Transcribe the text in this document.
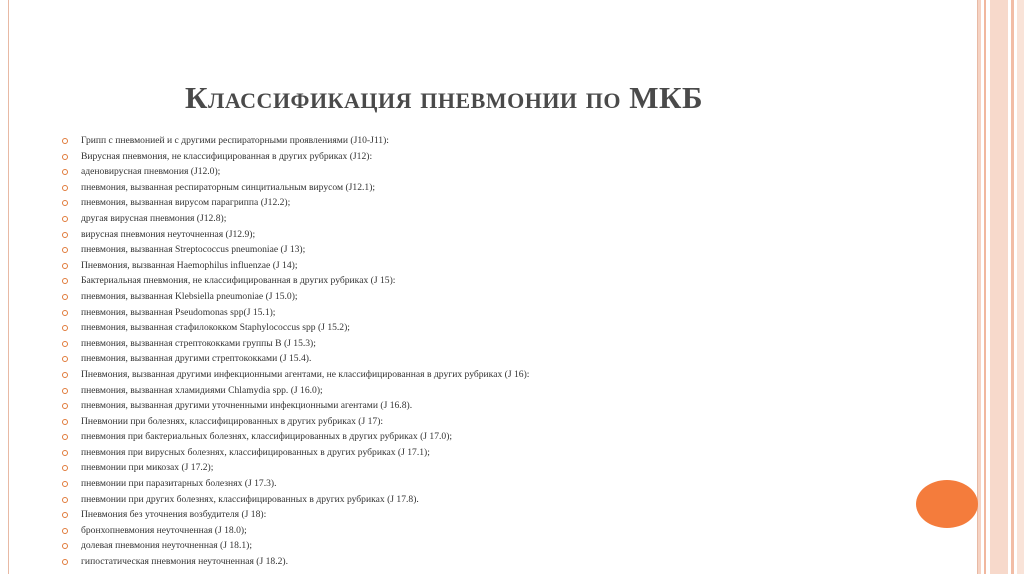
Классификация пневмонии по МКБ
Грипп с пневмонией и с другими респираторными проявлениями (J10-J11):
Вирусная пневмония, не классифицированная в других рубриках (J12):
аденовирусная пневмония (J12.0);
пневмония, вызванная респираторным синцитиальным вирусом (J12.1);
пневмония, вызванная вирусом парагриппа (J12.2);
другая вирусная пневмония (J12.8);
вирусная пневмония неуточненная (J12.9);
пневмония, вызванная Streptococcus pneumoniae (J 13);
Пневмония, вызванная Haemophilus influenzae (J 14);
Бактериальная пневмония, не классифицированная в других рубриках (J 15):
пневмония, вызванная Klebsiella pneumoniae (J 15.0);
пневмония, вызванная Pseudomonas spp(J 15.1);
пневмония, вызванная стафилококком Staphylococcus spp (J 15.2);
пневмония, вызванная стрептококками группы В (J 15.3);
пневмония, вызванная другими стрептококками (J 15.4).
Пневмония, вызванная другими инфекционными агентами, не классифицированная в других рубриках (J 16):
пневмония, вызванная хламидиями Chlamydia spp. (J 16.0);
пневмония, вызванная другими уточненными инфекционными агентами (J 16.8).
Пневмонии при болезнях, классифицированных в других рубриках (J 17):
пневмония при бактериальных болезнях, классифицированных в других рубриках (J 17.0);
пневмония при вирусных болезнях, классифицированных в других рубриках (J 17.1);
пневмонии при микозах (J 17.2);
пневмонии при паразитарных болезнях (J 17.3).
пневмонии при других болезнях, классифицированных в других рубриках (J 17.8).
Пневмония без уточнения возбудителя (J 18):
бронхопневмония неуточненная (J 18.0);
долевая пневмония неуточненная (J 18.1);
гипостатическая пневмония неуточненная (J 18.2).
